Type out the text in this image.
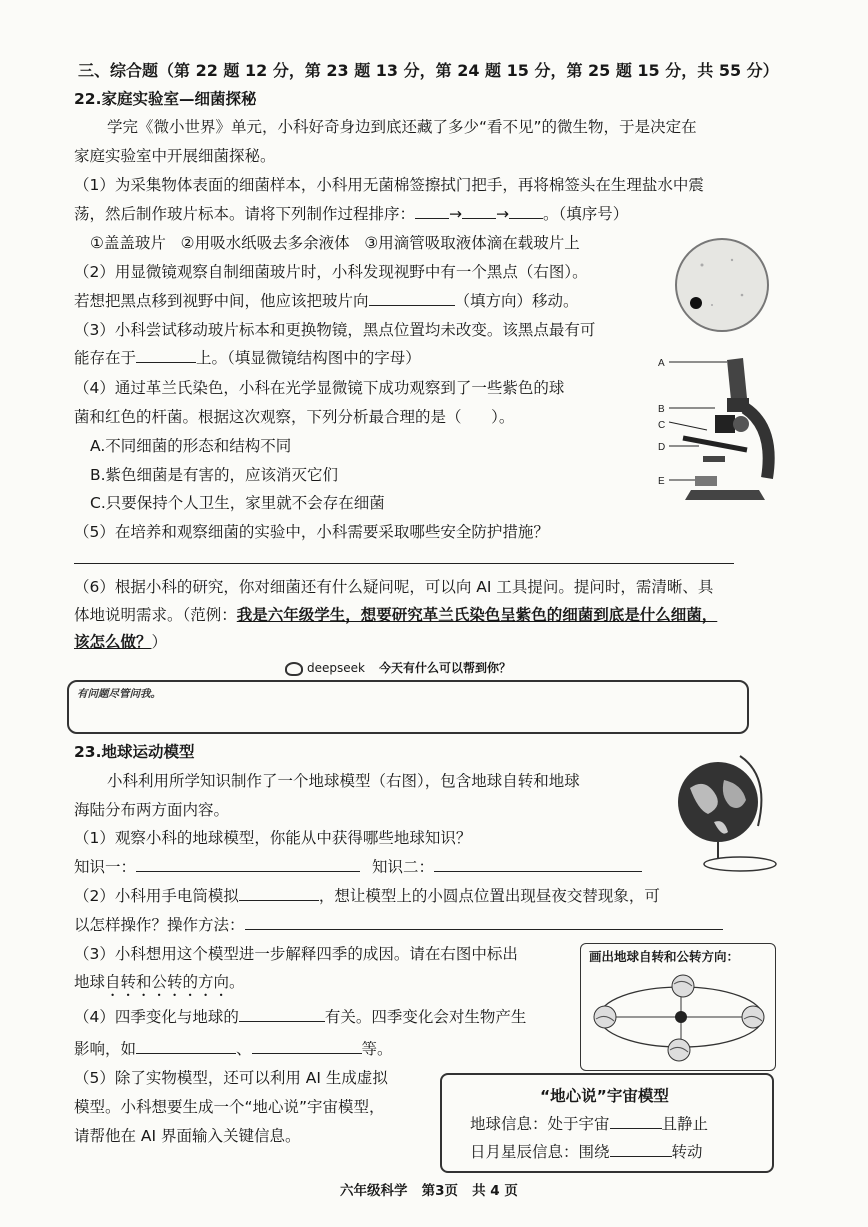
三、综合题（第 22 题 12 分，第 23 题 13 分，第 24 题 15 分，第 25 题 15 分，共 55 分）
22.家庭实验室—细菌探秘
学完《微小世界》单元，小科好奇身边到底还藏了多少“看不见”的微生物，于是决定在
家庭实验室中开展细菌探秘。
（1）为采集物体表面的细菌样本，小科用无菌棉签擦拭门把手，再将棉签头在生理盐水中震
荡，然后制作玻片标本。请将下列制作过程排序： → → 。（填序号）
①盖盖玻片   ②用吸水纸吸去多余液体   ③用滴管吸取液体滴在载玻片上
（2）用显微镜观察自制细菌玻片时，小科发现视野中有一个黑点（右图）。
若想把黑点移到视野中间，他应该把玻片向	（填方向）移动。
（3）小科尝试移动玻片标本和更换物镜，黑点位置均未改变。该黑点最有可
能存在于	上。（填显微镜结构图中的字母）
（4）通过革兰氏染色，小科在光学显微镜下成功观察到了一些紫色的球
菌和红色的杆菌。根据这次观察，下列分析最合理的是（      ）。
A.不同细菌的形态和结构不同
B.紫色细菌是有害的，应该消灭它们
C.只要保持个人卫生，家里就不会存在细菌
（5）在培养和观察细菌的实验中，小科需要采取哪些安全防护措施？
（6）根据小科的研究，你对细菌还有什么疑问呢，可以向 AI 工具提问。提问时，需清晰、具
体地说明需求。（范例：我是六年级学生，想要研究革兰氏染色呈紫色的细菌到底是什么细菌，
该怎么做？）
deepseek 今天有什么可以帮到你？
有问题尽管问我。
23.地球运动模型
小科利用所学知识制作了一个地球模型（右图），包含地球自转和地球
海陆分布两方面内容。
（1）观察小科的地球模型，你能从中获得哪些地球知识？
知识一：	知识二：
（2）小科用手电筒模拟	，想让模型上的小圆点位置出现昼夜交替现象，可
以怎样操作？操作方法：
（3）小科想用这个模型进一步解释四季的成因。请在右图中标出
地球自转和公转的方向。
（4）四季变化与地球的	有关。四季变化会对生物产生
影响，如	、	等。
（5）除了实物模型，还可以利用 AI 生成虚拟
模型。小科想要生成一个“地心说”宇宙模型，
请帮他在 AI 界面输入关键信息。
“地心说”宇宙模型
地球信息：处于宇宙	且静止
日月星辰信息：围绕	转动
画出地球自转和公转方向：
A
B
C
D
E
六年级科学   第3页   共 4 页
